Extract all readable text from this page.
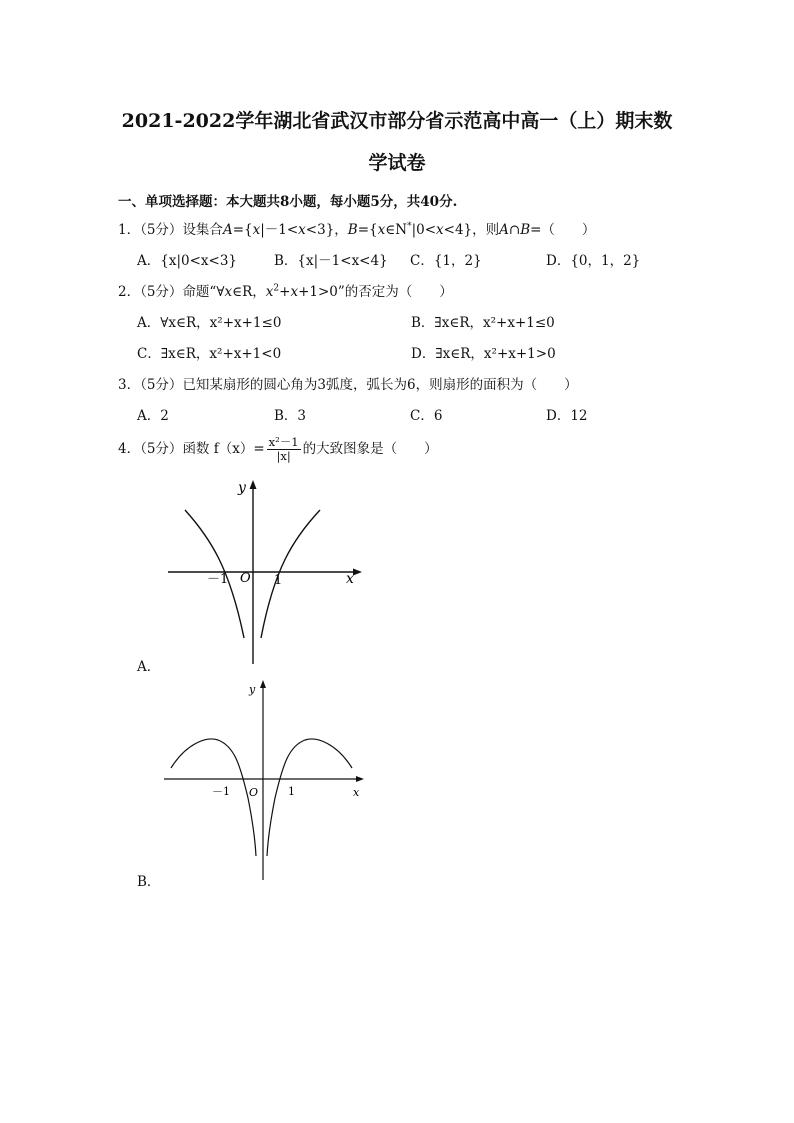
2021-2022学年湖北省武汉市部分省示范高中高一（上）期末数
学试卷
一、单项选择题：本大题共8小题，每小题5分，共40分.
1．（5分）设集合A={x|－1<x<3}，B={x∈N*|0<x<4}，则A∩B=（　　）
A．{x|0<x<3}	B．{x|－1<x<4} C．{1，2}	D．{0，1，2}
2．（5分）命题“∀x∈R，$x^2+x+1>0$”的否定为（　　）
A．∀x∈R，x²+x+1≤0	B．∃x∈R，x²+x+1≤0
C．∃x∈R，x²+x+1<0	D．∃x∈R，x²+x+1>0
3．（5分）已知某扇形的圆心角为3弧度，弧长为6，则扇形的面积为（　　）
A．2	B．3	C．6	D．12
4．（5分）函数 $f(x)= \frac{\text{x²－1}}{|x|}$ 的大致图象是（　　）
y
x
O
－1	1
A．
y
x
O
－1	1
B．
